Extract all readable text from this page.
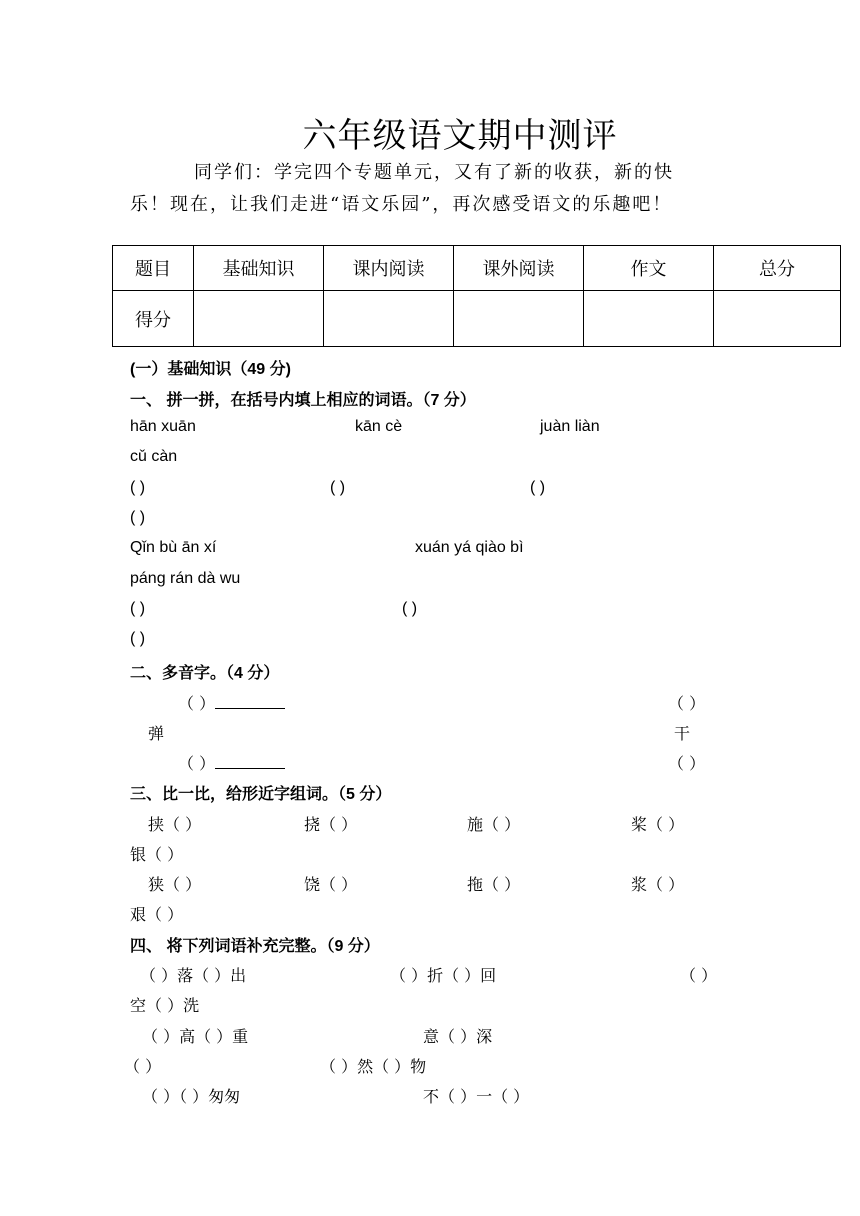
六年级语文期中测评
同学们：学完四个专题单元，又有了新的收获，新的快
乐！现在，让我们走进“语文乐园”，再次感受语文的乐趣吧！
题目	基础知识	课内阅读	课外阅读	作文	总分
得分					
(一）基础知识（49 分)
一、 拼一拼，在括号内填上相应的词语。（7 分）
hān xuān	kān cè	juàn liàn
cǔ càn
( )	( )	( )
( )
Qǐn bù ān xí	xuán yá qiào bì
páng rán dà wu
( )	( )
( )
二、多音字。（4 分）
（ ）	（ ）
弹	干
（ ）	（ ）
三、比一比，给形近字组词。（5 分）
挟（ ）	挠（ ）	施（ ）	桨（ ）
银（ ）
狭（ ）	饶（ ）	拖（ ）	浆（ ）
艰（ ）
四、 将下列词语补充完整。（9 分）
（ ）落（ ）出	（ ）折（ ）回	（ ）
空（ ）洗
（ ）高（ ）重	意（ ）深
（ ）	（ ）然（ ）物
（ ）（ ）匆匆	不（ ）一（ ）
